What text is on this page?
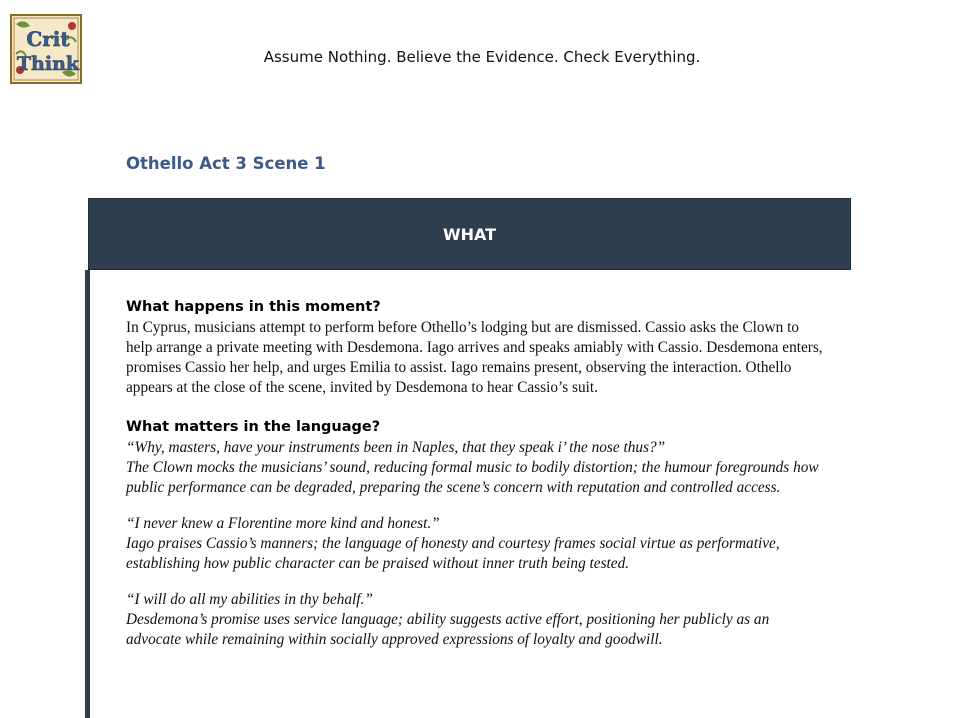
Crit
Think	Assume Nothing. Believe the Evidence. Check Everything.
Othello Act 3 Scene 1
WHAT
What happens in this moment?

In Cyprus, musicians attempt to perform before Othello’s lodging but are dismissed. Cassio asks the Clown to help arrange a private meeting with Desdemona. Iago arrives and speaks amiably with Cassio. Desdemona enters, promises Cassio her help, and urges Emilia to assist. Iago remains present, observing the interaction. Othello appears at the close of the scene, invited by Desdemona to hear Cassio’s suit.

What matters in the language?

“Why, masters, have your instruments been in Naples, that they speak i’ the nose thus?”

The Clown mocks the musicians’ sound, reducing formal music to bodily distortion; the humour foregrounds how public performance can be degraded, preparing the scene’s concern with reputation and controlled access.

“I never knew a Florentine more kind and honest.”

Iago praises Cassio’s manners; the language of honesty and courtesy frames social virtue as performative, establishing how public character can be praised without inner truth being tested.

“I will do all my abilities in thy behalf.”

Desdemona’s promise uses service language; ability suggests active effort, positioning her publicly as an advocate while remaining within socially approved expressions of loyalty and goodwill.
